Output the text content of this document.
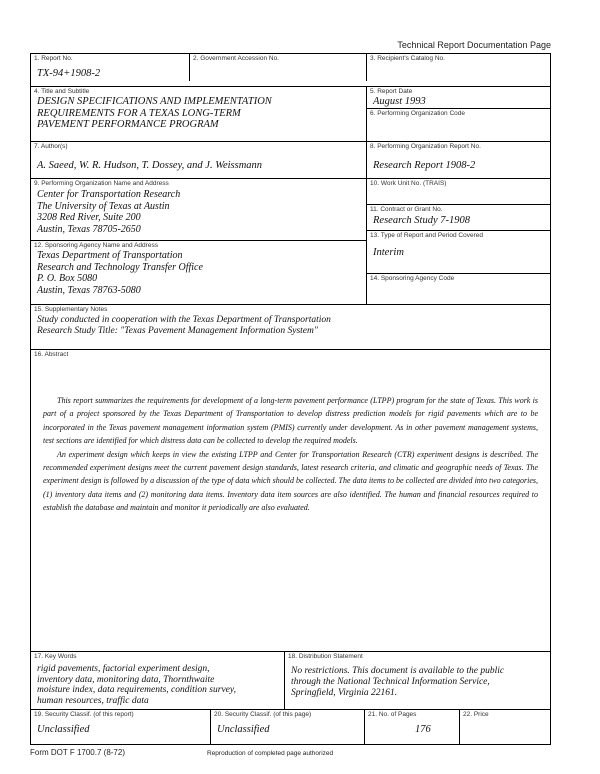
Technical Report Documentation Page
1. Report No.
TX-94+1908-2
2. Government Accession No.	3. Recipient's Catalog No.
4. Title and Subtitle
DESIGN SPECIFICATIONS AND IMPLEMENTATION
REQUIREMENTS FOR A TEXAS LONG-TERM
PAVEMENT PERFORMANCE PROGRAM
5. Report Date
August 1993
6. Performing Organization Code
7. Author(s)
A. Saeed, W. R. Hudson, T. Dossey, and J. Weissmann
8. Performing Organization Report No.
Research Report 1908-2
9. Performing Organization Name and Address
Center for Transportation Research
The University of Texas at Austin
3208 Red River, Suite 200
Austin, Texas 78705-2650
10. Work Unit No. (TRAIS)
11. Contract or Grant No.
Research Study 7-1908
13. Type of Report and Period Covered
Interim
12. Sponsoring Agency Name and Address
Texas Department of Transportation
Research and Technology Transfer Office
P. O. Box 5080
Austin, Texas 78763-5080
14. Sponsoring Agency Code
15. Supplementary Notes
Study conducted in cooperation with the Texas Department of Transportation
Research Study Title: "Texas Pavement Management Information System"
16. Abstract

This report summarizes the requirements for development of a long-term pavement performance (LTPP) program for the state of Texas. This work is part of a project sponsored by the Texas Department of Transportation to develop distress prediction models for rigid pavements which are to be incorporated in the Texas pavement management information system (PMIS) currently under development. As in other pavement management systems, test sections are identified for which distress data can be collected to develop the required models.

An experiment design which keeps in view the existing LTPP and Center for Transportation Research (CTR) experiment designs is described. The recommended experiment designs meet the current pavement design standards, latest research criteria, and climatic and geographic needs of Texas. The experiment design is followed by a discussion of the type of data which should be collected. The data items to be collected are divided into two categories, (1) inventory data items and (2) monitoring data items. Inventory data item sources are also identified. The human and financial resources required to establish the database and maintain and monitor it periodically are also evaluated.

17. Key Words
rigid pavements, factorial experiment design,
inventory data, monitoring data, Thornthwaite
moisture index, data requirements, condition survey,
human resources, traffic data
18. Distribution Statement
No restrictions. This document is available to the public
through the National Technical Information Service,
Springfield, Virginia 22161.
19. Security Classif. (of this report)
Unclassified
20. Security Classif. (of this page)
Unclassified
21. No. of Pages
176
22. Price
Form DOT F 1700.7 (8-72)	Reproduction of completed page authorized
